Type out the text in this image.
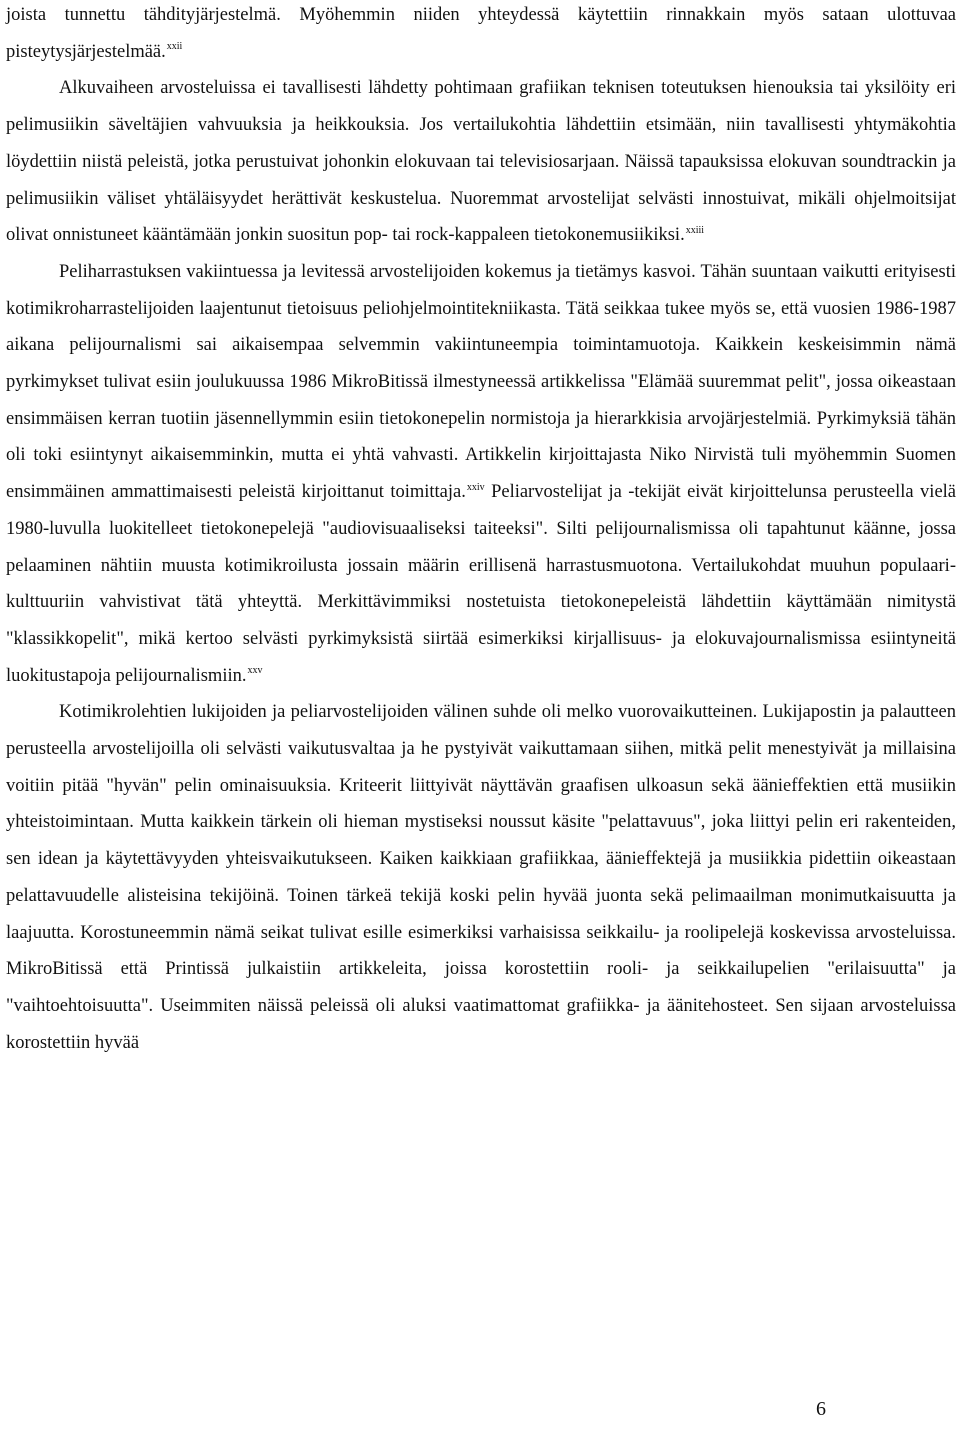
joista tunnettu tähdityjärjestelmä. Myöhemmin niiden yhteydessä käytettiin rinnakkain myös sataan ulottuvaa pisteytysjärjestelmää.$^{xxii}$

Alkuvaiheen arvosteluissa ei tavallisesti lähdetty pohtimaan grafiikan teknisen toteutuksen hienouksia tai yksilöity eri pelimusiikin säveltäjien vahvuuksia ja heikkouksia. Jos vertailukohtia lähdettiin etsimään, niin tavallisesti yhtymäkohtia löydettiin niistä peleistä, jotka perustuivat johonkin elokuvaan tai televisiosarjaan. Näissä tapauksissa elokuvan soundtrackin ja pelimusiikin väliset yhtäläisyydet herättivät keskustelua. Nuoremmat arvostelijat selvästi innostuivat, mikäli ohjelmoitsijat olivat onnistuneet kääntämään jonkin suositun pop- tai rock-kappaleen tietokonemusiikiksi.$^{xxiii}$

Peliharrastuksen vakiintuessa ja levitessä arvostelijoiden kokemus ja tietämys kasvoi. Tähän suuntaan vaikutti erityisesti kotimikroharrastelijoiden laajentunut tietoisuus peliohjelmointitekniikasta. Tätä seikkaa tukee myös se, että vuosien 1986-1987 aikana pelijournalismi sai aikaisempaa selvemmin vakiintuneempia toimintamuotoja. Kaikkein keskeisimmin nämä pyrkimykset tulivat esiin joulukuussa 1986 MikroBitissä ilmestyneessä artikkelissa "Elämää suuremmat pelit", jossa oikeastaan ensimmäisen kerran tuotiin jäsennellymmin esiin tietokonepelin normistoja ja hierarkkisia arvojärjestelmiä. Pyrkimyksiä tähän oli toki esiintynyt aikaisemminkin, mutta ei yhtä vahvasti. Artikkelin kirjoittajasta Niko Nirvistä tuli myöhemmin Suomen ensimmäinen ammattimaisesti peleistä kirjoittanut toimittaja.$^{xxiv}$ Peliarvostelijat ja -tekijät eivät kirjoittelunsa perusteella vielä 1980-luvulla luokitelleet tietokonepelejä "audiovisuaaliseksi taiteeksi". Silti pelijournalismissa oli tapahtunut käänne, jossa pelaaminen nähtiin muusta kotimikroilusta jossain määrin erillisenä harrastusmuotona. Vertailukohdat muuhun populaarikulttuuriin vahvistivat tätä yhteyttä. Merkittävimmiksi nostetuista tietokonepeleistä lähdettiin käyttämään nimitystä "klassikkopelit", mikä kertoo selvästi pyrkimyksistä siirtää esimerkiksi kirjallisuus- ja elokuvajournalismissa esiintyneitä luokitustapoja pelijournalismiin.$^{xxv}$

Kotimikrolehtien lukijoiden ja peliarvostelijoiden välinen suhde oli melko vuorovaikutteinen. Lukijapostin ja palautteen perusteella arvostelijoilla oli selvästi vaikutusvaltaa ja he pystyivät vaikuttamaan siihen, mitkä pelit menestyivät ja millaisina voitiin pitää "hyvän" pelin ominaisuuksia. Kriteerit liittyivät näyttävän graafisen ulkoasun sekä äänieffektien että musiikin yhteistoimintaan. Mutta kaikkein tärkein oli hieman mystiseksi noussut käsite "pelattavuus", joka liittyi pelin eri rakenteiden, sen idean ja käytettävyyden yhteisvaikutukseen. Kaiken kaikkiaan grafiikkaa, äänieffektejä ja musiikkia pidettiin oikeastaan pelattavuudelle alisteisina tekijöinä. Toinen tärkeä tekijä koski pelin hyvää juonta sekä pelimaailman monimutkaisuutta ja laajuutta. Korostuneemmin nämä seikat tulivat esille esimerkiksi varhaisissa seikkailu- ja roolipelejä koskevissa arvosteluissa. MikroBitissä että Printissä julkaistiin artikkeleita, joissa korostettiin rooli- ja seikkailupelien "erilaisuutta" ja "vaihtoehtoisuutta". Useimmiten näissä peleissä oli aluksi vaatimattomat grafiikka- ja äänitehosteet. Sen sijaan arvosteluissa korostettiin hyvää

6
